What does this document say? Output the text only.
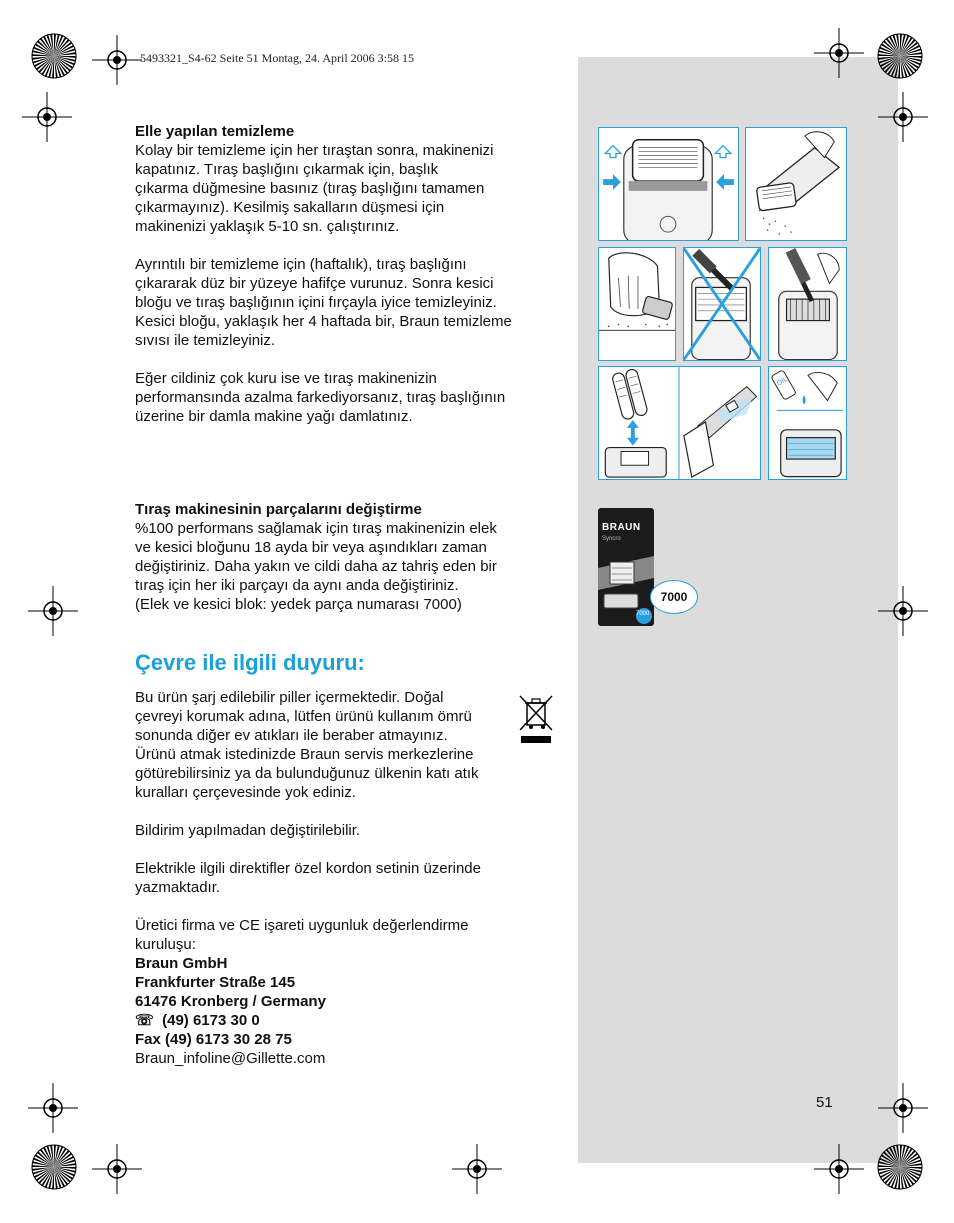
5493321_S4-62 Seite 51 Montag, 24. April 2006 3:58 15

Elle yapılan temizleme

Kolay bir temizleme için her tıraştan sonra, makinenizi

kapatınız. Tıraş başlığını çıkarmak için, başlık

çıkarma düğmesine basınız (tıraş başlığını tamamen

çıkarmayınız). Kesilmiş sakalların düşmesi için

makinenizi yaklaşık 5-10 sn. çalıştırınız.

Ayrıntılı bir temizleme için (haftalık), tıraş başlığını

çıkararak düz bir yüzeye hafifçe vurunuz. Sonra kesici

bloğu ve tıraş başlığının içini fırçayla iyice temizleyiniz.

Kesici bloğu, yaklaşık her 4 haftada bir, Braun temizleme

sıvısı ile temizleyiniz.

Eğer cildiniz çok kuru ise ve tıraş makinenizin

performansında azalma farkediyorsanız, tıraş başlığının

üzerine bir damla makine yağı damlatınız.

Tıraş makinesinin parçalarını değiştirme

%100 performans sağlamak için tıraş makinenizin elek

ve kesici bloğunu 18 ayda bir veya aşındıkları zaman

değiştiriniz. Daha yakın ve cildi daha az tahriş eden bir

tıraş için her iki parçayı da aynı anda değiştiriniz.

(Elek ve kesici blok: yedek parça numarası 7000)

Çevre ile ilgili duyuru:

Bu ürün şarj edilebilir piller içermektedir. Doğal

çevreyi korumak adına, lütfen ürünü kullanım ömrü

sonunda diğer ev atıkları ile beraber atmayınız.

Ürünü atmak istedinizde Braun servis merkezlerine

götürebilirsiniz ya da bulunduğunuz ülkenin katı atık

kuralları çerçevesinde yok ediniz.

Bildirim yapılmadan değiştirilebilir.

Elektrikle ilgili direktifler özel kordon setinin üzerinde

yazmaktadır.

Üretici firma ve CE işareti uygunluk değerlendirme

kuruluşu:

Braun GmbH

Frankfurter Straße 145

61476 Kronberg / Germany

☏ (49) 6173 30 0

Fax (49) 6173 30 28 75

Braun_infoline@Gillette.com

OIL
BRAUN
Syncro
7000
7000
51
